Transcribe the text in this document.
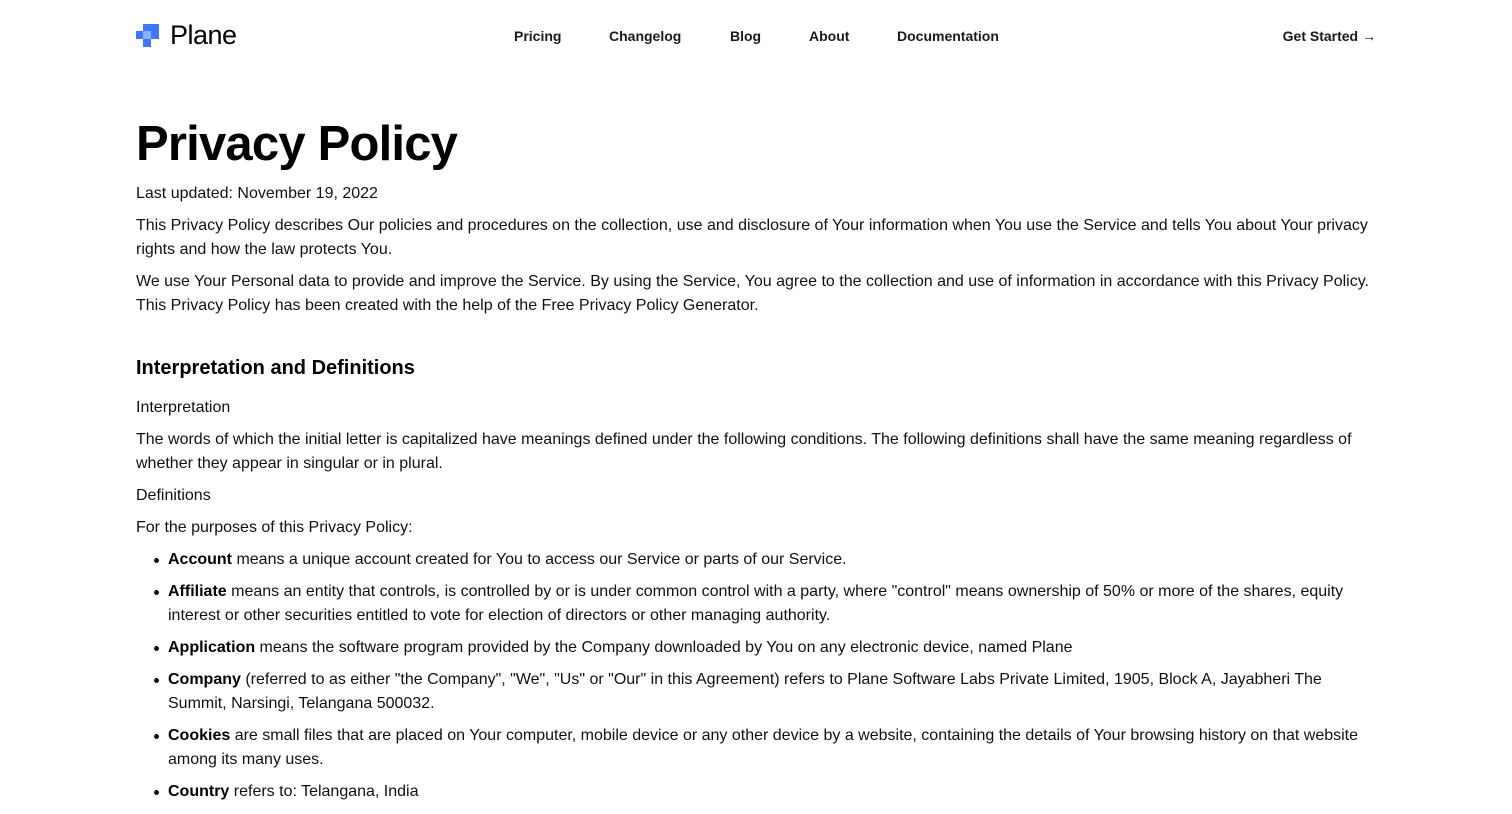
Plane	Pricing	Changelog	Blog	About	Documentation	Get Started →
Privacy Policy

Last updated: November 19, 2022

This Privacy Policy describes Our policies and procedures on the collection, use and disclosure of Your information when You use the Service and tells You about Your privacy rights and how the law protects You.

We use Your Personal data to provide and improve the Service. By using the Service, You agree to the collection and use of information in accordance with this Privacy Policy. This Privacy Policy has been created with the help of the Free Privacy Policy Generator.

Interpretation and Definitions

Interpretation

The words of which the initial letter is capitalized have meanings defined under the following conditions. The following definitions shall have the same meaning regardless of whether they appear in singular or in plural.

Definitions

For the purposes of this Privacy Policy:

Account means a unique account created for You to access our Service or parts of our Service.
Affiliate means an entity that controls, is controlled by or is under common control with a party, where "control" means ownership of 50% or more of the shares, equity interest or other securities entitled to vote for election of directors or other managing authority.
Application means the software program provided by the Company downloaded by You on any electronic device, named Plane
Company (referred to as either "the Company", "We", "Us" or "Our" in this Agreement) refers to Plane Software Labs Private Limited, 1905, Block A, Jayabheri The Summit, Narsingi, Telangana 500032.
Cookies are small files that are placed on Your computer, mobile device or any other device by a website, containing the details of Your browsing history on that website among its many uses.
Country refers to: Telangana, India
